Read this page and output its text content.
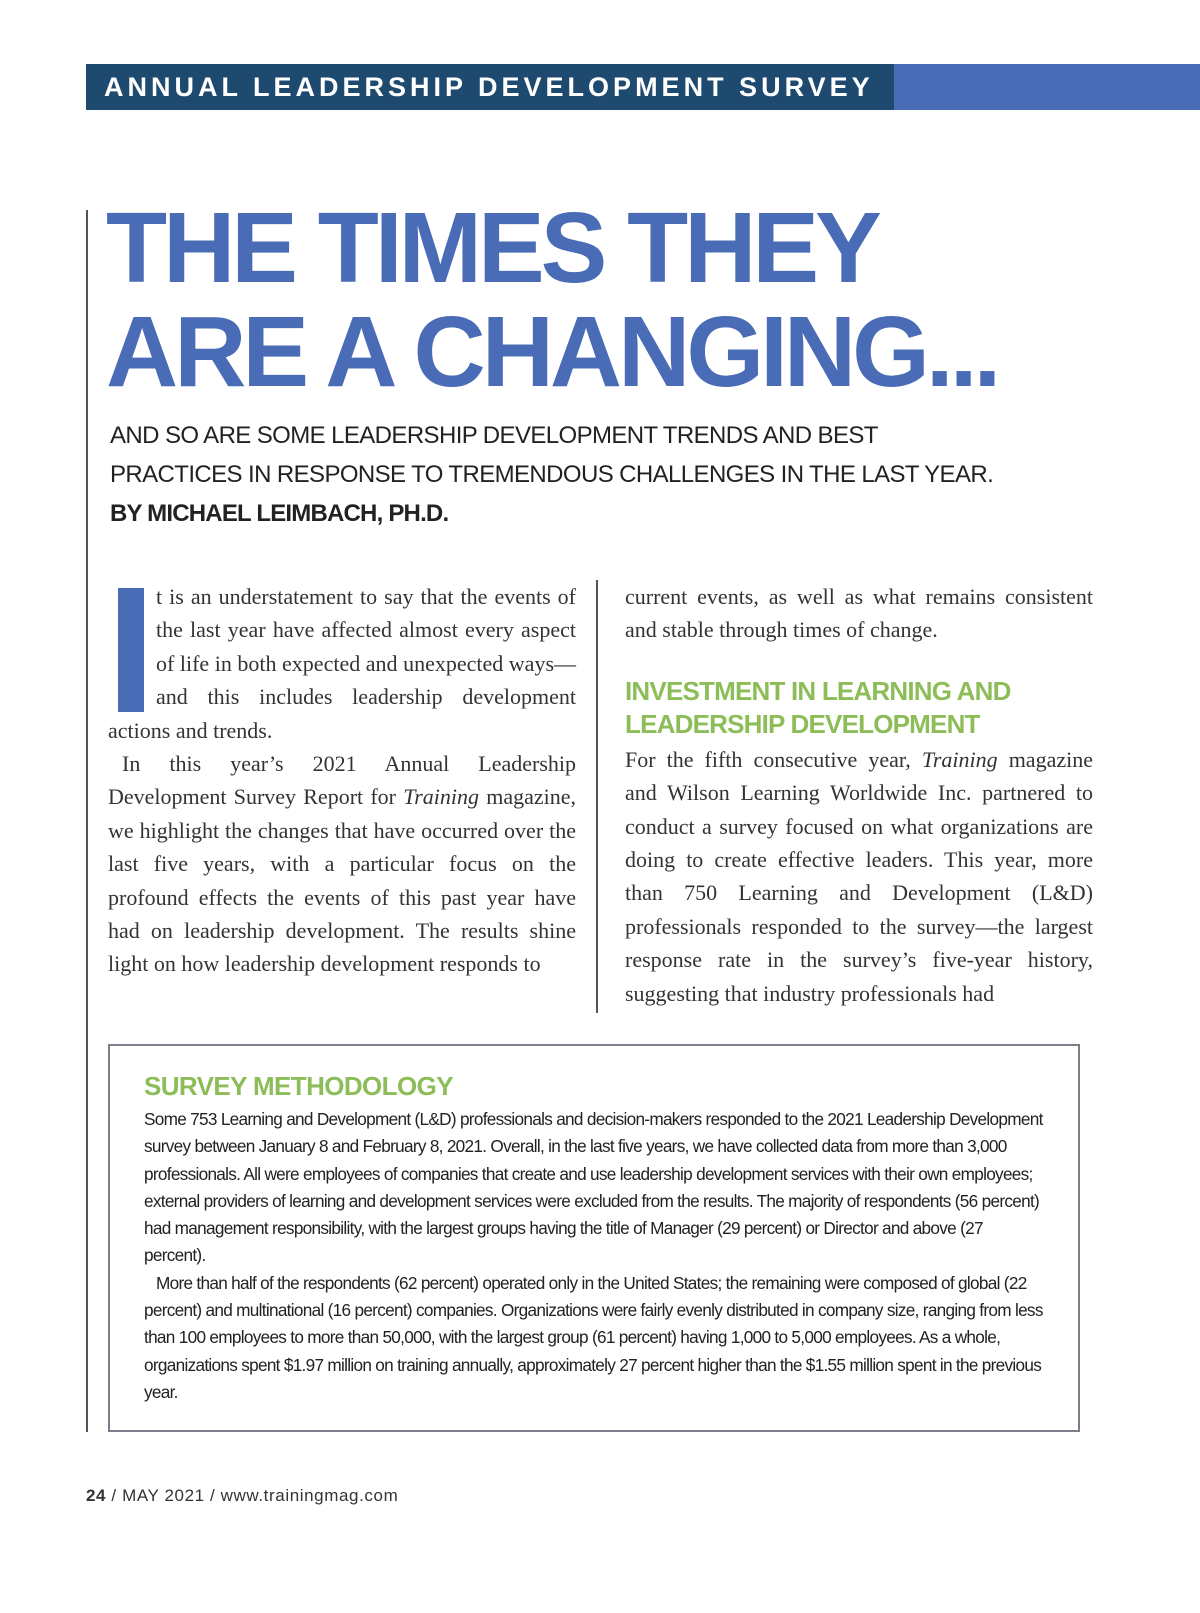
ANNUAL LEADERSHIP DEVELOPMENT SURVEY
THE TIMES THEY
ARE A CHANGING...
AND SO ARE SOME LEADERSHIP DEVELOPMENT TRENDS AND BEST PRACTICES IN RESPONSE TO TREMENDOUS CHALLENGES IN THE LAST YEAR. BY MICHAEL LEIMBACH, PH.D.

t is an understatement to say that the events of the last year have affected almost every aspect of life in both expected and unexpected ways—and this includes leadership development actions and trends.

In this year’s 2021 Annual Leadership Development Survey Report for Training magazine, we highlight the changes that have occurred over the last five years, with a particular focus on the profound effects the events of this past year have had on leadership development. The results shine light on how leadership development responds to

current events, as well as what remains consistent and stable through times of change.

INVESTMENT IN LEARNING AND LEADERSHIP DEVELOPMENT

For the fifth consecutive year, Training magazine and Wilson Learning Worldwide Inc. partnered to conduct a survey focused on what organizations are doing to create effective leaders. This year, more than 750 Learning and Development (L&D) professionals responded to the survey—the largest response rate in the survey’s five-year history, suggesting that industry professionals had

SURVEY METHODOLOGY

Some 753 Learning and Development (L&D) professionals and decision-makers responded to the 2021 Leadership Development survey between January 8 and February 8, 2021. Overall, in the last five years, we have collected data from more than 3,000 professionals. All were employees of companies that create and use leadership development services with their own employees; external providers of learning and development services were excluded from the results. The majority of respondents (56 percent) had management responsibility, with the largest groups having the title of Manager (29 percent) or Director and above (27 percent).

More than half of the respondents (62 percent) operated only in the United States; the remaining were composed of global (22 percent) and multinational (16 percent) companies. Organizations were fairly evenly distributed in company size, ranging from less than 100 employees to more than 50,000, with the largest group (61 percent) having 1,000 to 5,000 employees. As a whole, organizations spent $1.97 million on training annually, approximately 27 percent higher than the $1.55 million spent in the previous year.

24 / MAY 2021 / www.trainingmag.com
